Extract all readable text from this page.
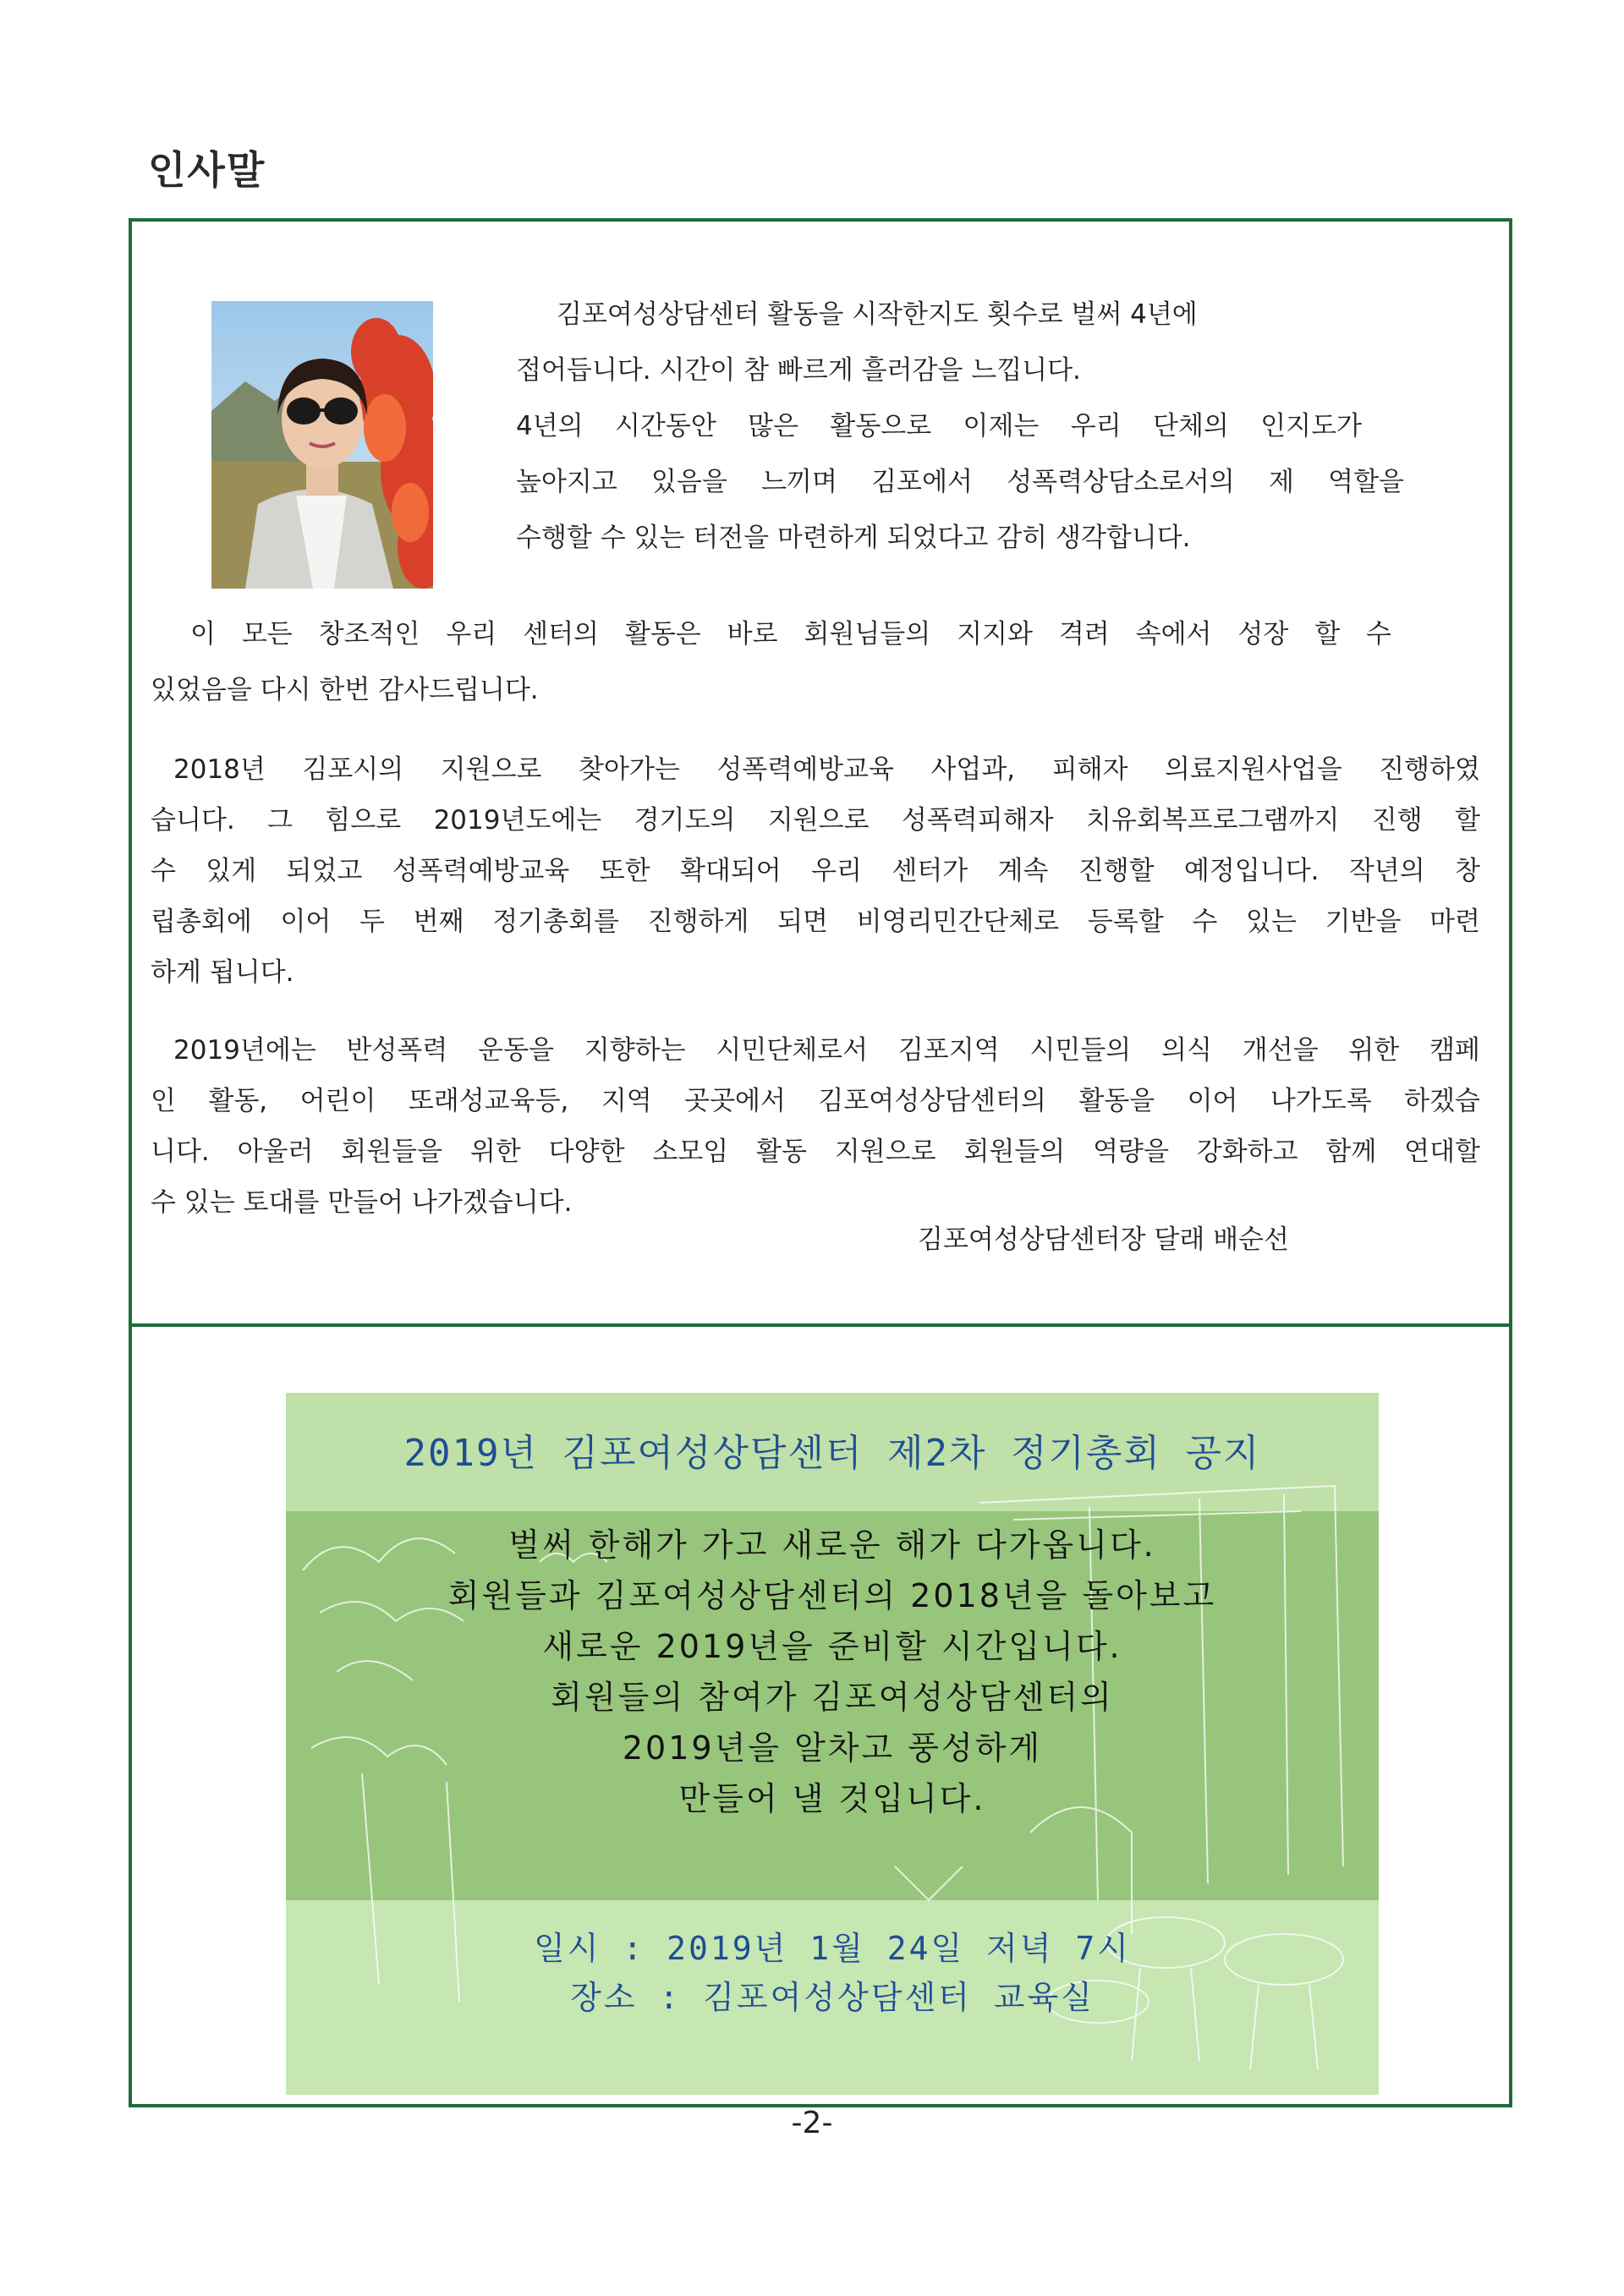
인사말
김포여성상담센터 활동을 시작한지도 횟수로 벌써 4년에
접어듭니다. 시간이 참 빠르게 흘러감을 느낍니다.
4년의 시간동안 많은 활동으로 이제는 우리 단체의 인지도가
높아지고 있음을 느끼며 김포에서 성폭력상담소로서의 제 역할을
수행할 수 있는 터전을 마련하게 되었다고 감히 생각합니다.
이 모든 창조적인 우리 센터의 활동은 바로 회원님들의 지지와 격려 속에서 성장 할 수
있었음을 다시 한번 감사드립니다.
2018년 김포시의 지원으로 찾아가는 성폭력예방교육 사업과, 피해자 의료지원사업을 진행하였
습니다. 그 힘으로 2019년도에는 경기도의 지원으로 성폭력피해자 치유회복프로그램까지 진행 할
수 있게 되었고 성폭력예방교육 또한 확대되어 우리 센터가 계속 진행할 예정입니다. 작년의 창
립총회에 이어 두 번째 정기총회를 진행하게 되면 비영리민간단체로 등록할 수 있는 기반을 마련
하게 됩니다.
2019년에는 반성폭력 운동을 지향하는 시민단체로서 김포지역 시민들의 의식 개선을 위한 캠페
인 활동, 어린이 또래성교육등, 지역 곳곳에서 김포여성상담센터의 활동을 이어 나가도록 하겠습
니다. 아울러 회원들을 위한 다양한 소모임 활동 지원으로 회원들의 역량을 강화하고 함께 연대할
수 있는 토대를 만들어 나가겠습니다.
김포여성상담센터장 달래 배순선
2019년 김포여성상담센터 제2차 정기총회 공지
벌써 한해가 가고 새로운 해가 다가옵니다.
회원들과 김포여성상담센터의 2018년을 돌아보고
새로운 2019년을 준비할 시간입니다.
회원들의 참여가 김포여성상담센터의
2019년을 알차고 풍성하게
만들어 낼 것입니다.
일시 : 2019년 1월 24일 저녁 7시
장소 : 김포여성상담센터 교육실
-2-
